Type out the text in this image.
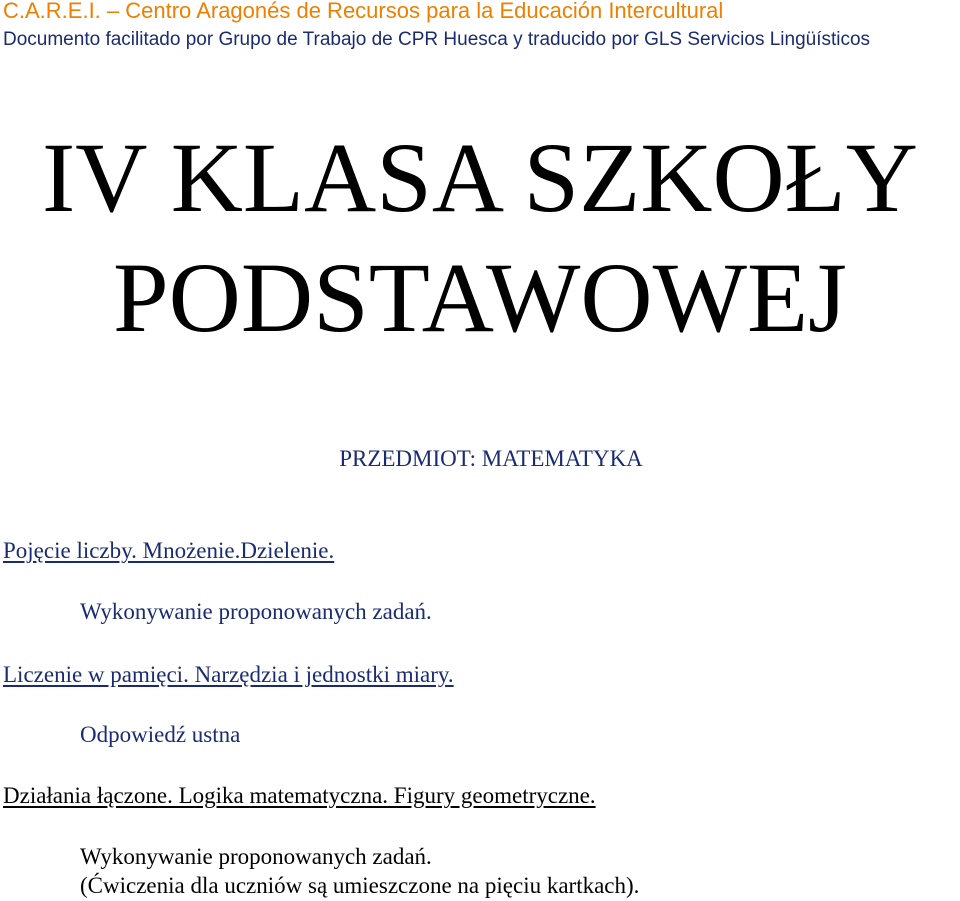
C.A.R.E.I. – Centro Aragonés de Recursos para la Educación Intercultural
Documento facilitado por Grupo de Trabajo de CPR Huesca y traducido por GLS Servicios Lingüísticos
IV KLASA SZKOŁY
PODSTAWOWEJ
PRZEDMIOT: MATEMATYKA
Pojęcie liczby. Mnożenie.Dzielenie.
Wykonywanie proponowanych zadań.
Liczenie w pamięci. Narzędzia i jednostki miary.
Odpowiedź ustna
Działania łączone. Logika matematyczna. Figury geometryczne.
Wykonywanie proponowanych zadań.
(Ćwiczenia dla uczniów są umieszczone na pięciu kartkach).
